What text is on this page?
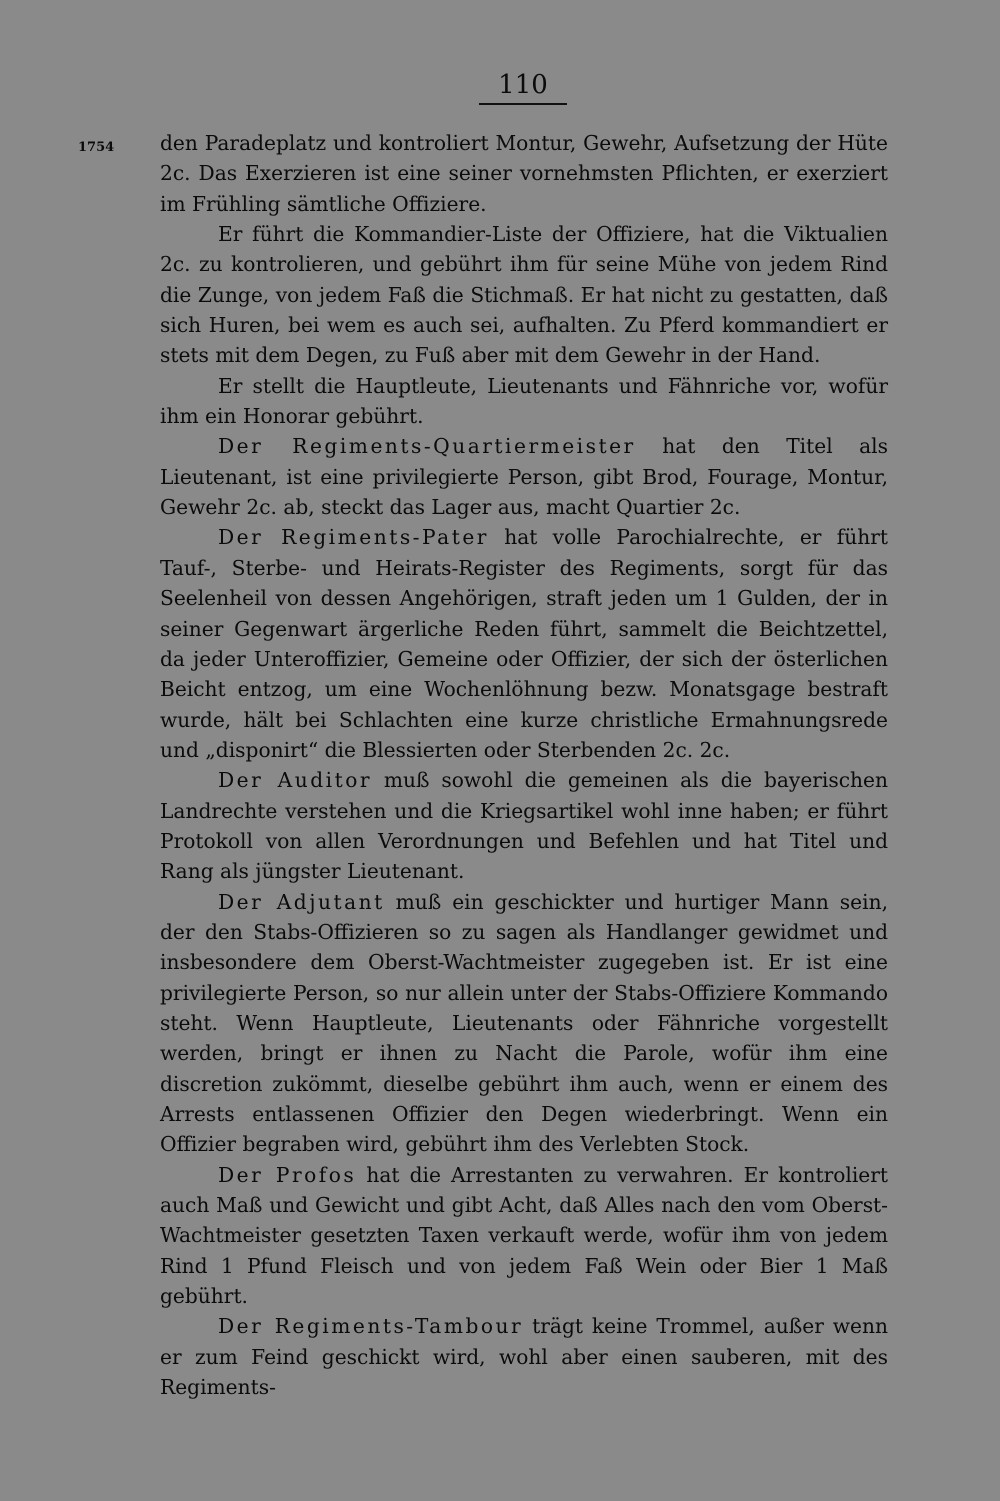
110
1754 den Paradeplatz und kontroliert Montur, Gewehr, Aufsetzung der Hüte 2c. Das Exerzieren ist eine seiner vornehmsten Pflichten, er exerziert im Frühling sämtliche Offiziere.

Er führt die Kommandier-Liste der Offiziere, hat die Viktualien 2c. zu kontrolieren, und gebührt ihm für seine Mühe von jedem Rind die Zunge, von jedem Faß die Stichmaß. Er hat nicht zu gestatten, daß sich Huren, bei wem es auch sei, aufhalten. Zu Pferd kommandiert er stets mit dem Degen, zu Fuß aber mit dem Gewehr in der Hand.

Er stellt die Hauptleute, Lieutenants und Fähnriche vor, wofür ihm ein Honorar gebührt.

Der Regiments-Quartiermeister hat den Titel als Lieutenant, ist eine privilegierte Person, gibt Brod, Fourage, Montur, Gewehr 2c. ab, steckt das Lager aus, macht Quartier 2c.

Der Regiments-Pater hat volle Parochialrechte, er führt Tauf-, Sterbe- und Heirats-Register des Regiments, sorgt für das Seelenheil von dessen Angehörigen, straft jeden um 1 Gulden, der in seiner Gegenwart ärgerliche Reden führt, sammelt die Beichtzettel, da jeder Unteroffizier, Gemeine oder Offizier, der sich der österlichen Beicht entzog, um eine Wochenlöhnung bezw. Monatsgage bestraft wurde, hält bei Schlachten eine kurze christliche Ermahnungsrede und „disponirt“ die Blessierten oder Sterbenden 2c. 2c.

Der Auditor muß sowohl die gemeinen als die bayerischen Landrechte verstehen und die Kriegsartikel wohl inne haben; er führt Protokoll von allen Verordnungen und Befehlen und hat Titel und Rang als jüngster Lieutenant.

Der Adjutant muß ein geschickter und hurtiger Mann sein, der den Stabs-Offizieren so zu sagen als Handlanger gewidmet und insbesondere dem Oberst-Wachtmeister zugegeben ist. Er ist eine privilegierte Person, so nur allein unter der Stabs-Offiziere Kommando steht. Wenn Hauptleute, Lieutenants oder Fähnriche vorgestellt werden, bringt er ihnen zu Nacht die Parole, wofür ihm eine discretion zukömmt, dieselbe gebührt ihm auch, wenn er einem des Arrests entlassenen Offizier den Degen wiederbringt. Wenn ein Offizier begraben wird, gebührt ihm des Verlebten Stock.

Der Profos hat die Arrestanten zu verwahren. Er kontroliert auch Maß und Gewicht und gibt Acht, daß Alles nach den vom Oberst-Wachtmeister gesetzten Taxen verkauft werde, wofür ihm von jedem Rind 1 Pfund Fleisch und von jedem Faß Wein oder Bier 1 Maß gebührt.

Der Regiments-Tambour trägt keine Trommel, außer wenn er zum Feind geschickt wird, wohl aber einen sauberen, mit des Regiments-
